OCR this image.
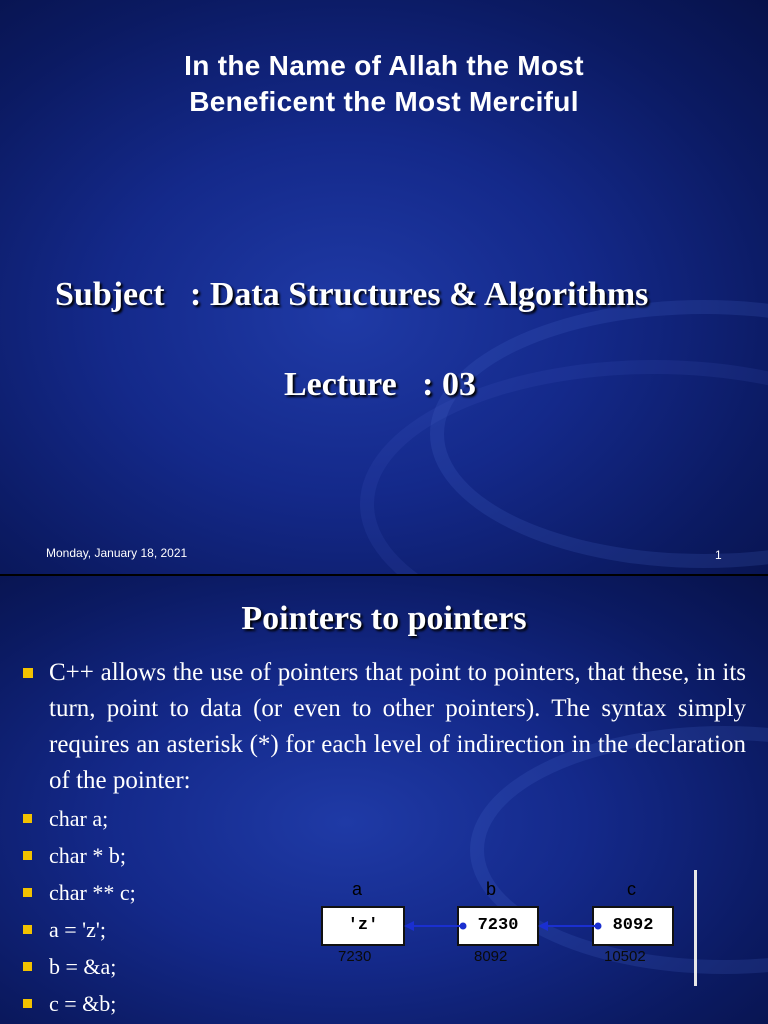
In the Name of Allah the Most
Beneficent the Most Merciful
Subject   : Data Structures & Algorithms
Lecture   : 03
Monday, January 18, 2021	1
Pointers to pointers
C++ allows the use of pointers that point to pointers, that these, in its turn, point to data (or even to other pointers). The syntax simply requires an asterisk (*) for each level of indirection in the declaration of the pointer:
char a;
char * b;
char ** c;
a = 'z';
b = &a;
c = &b;
a	b	c
'z'	7230	8092
7230	8092	10502
